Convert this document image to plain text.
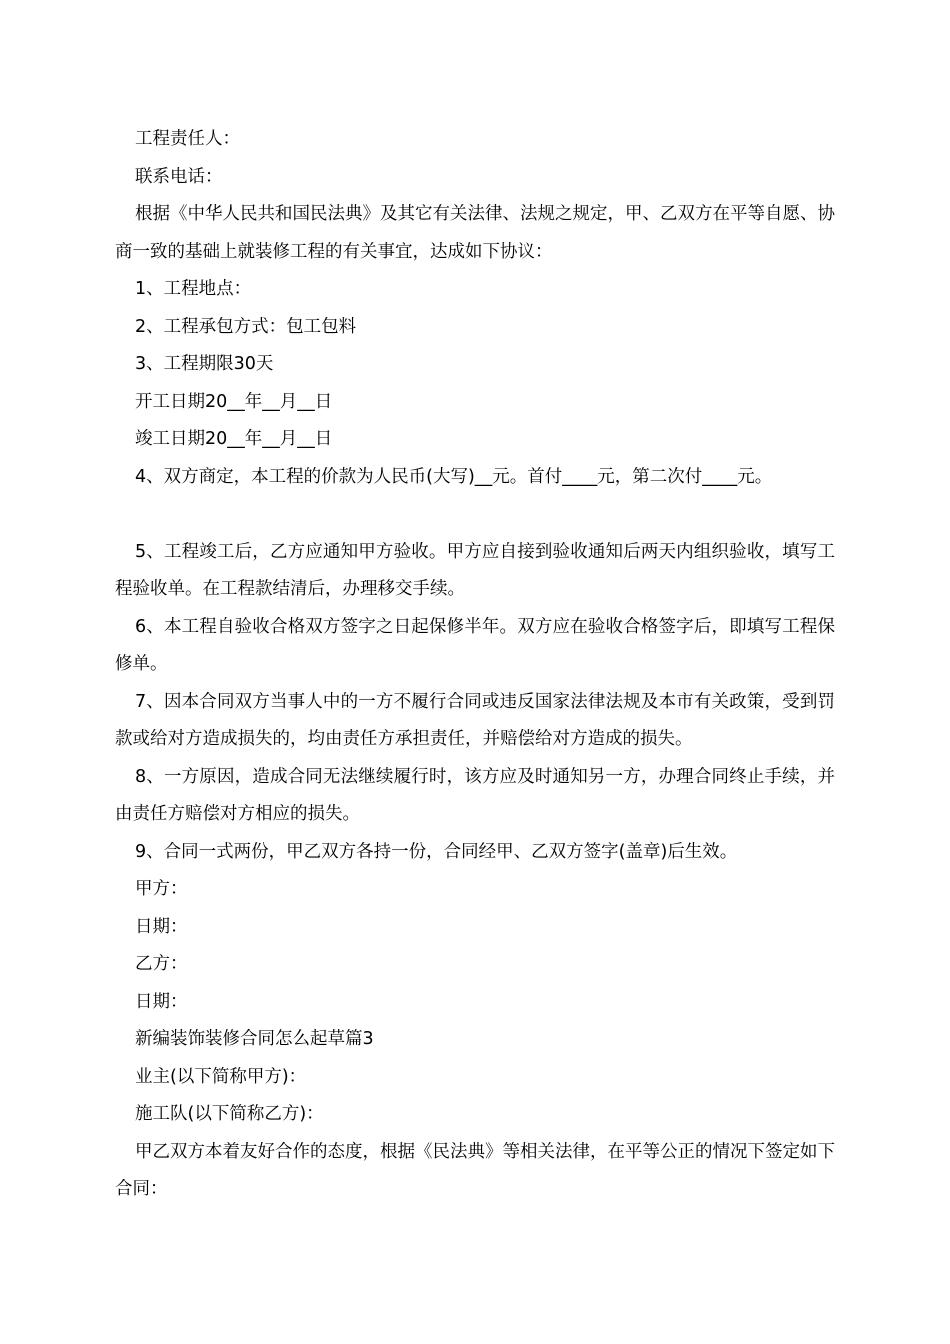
工程责任人：

联系电话：

根据《中华人民共和国民法典》及其它有关法律、法规之规定，甲、乙双方在平等自愿、协商一致的基础上就装修工程的有关事宜，达成如下协议：

1、工程地点：

2、工程承包方式：包工包料

3、工程期限30天

开工日期20__年__月__日

竣工日期20__年__月__日

4、双方商定，本工程的价款为人民币(大写)__元。首付____元，第二次付____元。

5、工程竣工后，乙方应通知甲方验收。甲方应自接到验收通知后两天内组织验收，填写工程验收单。在工程款结清后，办理移交手续。

6、本工程自验收合格双方签字之日起保修半年。双方应在验收合格签字后，即填写工程保修单。

7、因本合同双方当事人中的一方不履行合同或违反国家法律法规及本市有关政策，受到罚款或给对方造成损失的，均由责任方承担责任，并赔偿给对方造成的损失。

8、一方原因，造成合同无法继续履行时，该方应及时通知另一方，办理合同终止手续，并由责任方赔偿对方相应的损失。

9、合同一式两份，甲乙双方各持一份，合同经甲、乙双方签字(盖章)后生效。

甲方：

日期：

乙方：

日期：

新编装饰装修合同怎么起草篇3

业主(以下简称甲方)：

施工队(以下简称乙方)：

甲乙双方本着友好合作的态度，根据《民法典》等相关法律，在平等公正的情况下签定如下合同：
